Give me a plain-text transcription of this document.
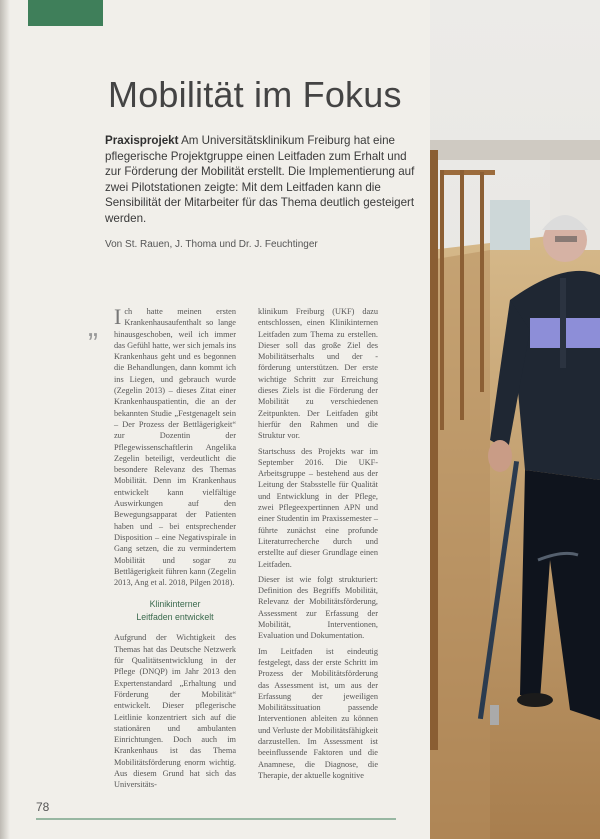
Mobilität im Fokus
Praxisprojekt Am Universitätsklinikum Freiburg hat eine pflegerische Projektgruppe einen Leitfaden zum Erhalt und zur Förderung der Mobilität erstellt. Die Implementierung auf zwei Pilotstationen zeigte: Mit dem Leitfaden kann die Sensibilität der Mitarbeiter für das Thema deutlich gesteigert werden.
Von St. Rauen, J. Thoma und Dr. J. Feuchtinger
„ Ich hatte meinen ersten Krankenhausaufenthalt so lange hinausgeschoben, weil ich immer das Gefühl hatte, wer sich jemals ins Krankenhaus geht und es begonnen die Behandlungen, dann kommt ich ins Liegen, und gebrauch wurde (Zegelin 2013) – dieses Zitat einer Krankenhauspatientin, die an der bekannten Studie „Festgenagelt sein – Der Prozess der Bettlägerigkeit“ zur Dozentin der Pflegewissenschaftlerin Angelika Zegelin beteiligt, verdeutlicht die besondere Relevanz des Themas Mobilität. Denn im Krankenhaus entwickelt kann vielfältige Auswirkungen auf den Bewegungsapparat der Patienten haben und – bei entsprechender Disposition – eine Negativspirale in Gang setzen, die zu vermindertem Mobilität und sogar zu Bettlägerigkeit führen kann (Zegelin 2013, Ang et al. 2018, Pilgen 2018).

Klinikinterner
Leitfaden entwickelt

Aufgrund der Wichtigkeit des Themas hat das Deutsche Netzwerk für Qualitätsentwicklung in der Pflege (DNQP) im Jahr 2013 den Expertenstandard „Erhaltung und Förderung der Mobilität“ entwickelt. Dieser pflegerische Leitlinie konzentriert sich auf die stationären und ambulanten Einrichtungen. Doch auch im Krankenhaus ist das Thema Mobilitätsförderung enorm wichtig. Aus diesem Grund hat sich das Universitäts-

klinikum Freiburg (UKF) dazu entschlossen, einen Klinikinternen Leitfaden zum Thema zu erstellen. Dieser soll das große Ziel des Mobilitätserhalts und der -förderung unterstützen. Der erste wichtige Schritt zur Erreichung dieses Ziels ist die Förderung der Mobilität zu verschiedenen Zeitpunkten. Der Leitfaden gibt hierfür den Rahmen und die Struktur vor.

Startschuss des Projekts war im September 2016. Die UKF-Arbeitsgruppe – bestehend aus der Leitung der Stabsstelle für Qualität und Entwicklung in der Pflege, zwei Pflegeexpertinnen APN und einer Studentin im Praxissemester – führte zunächst eine profunde Literaturrecherche durch und erstellte auf dieser Grundlage einen Leitfaden.

Dieser ist wie folgt strukturiert: Definition des Begriffs Mobilität, Relevanz der Mobilitätsförderung, Assessment zur Erfassung der Mobilität, Interventionen, Evaluation und Dokumentation.

Im Leitfaden ist eindeutig festgelegt, dass der erste Schritt im Prozess der Mobilitätsförderung das Assessment ist, um aus der Erfassung der jeweiligen Mobilitätssituation passende Interventionen ableiten zu können und Verluste der Mobilitätsfähigkeit darzustellen. Im Assessment ist beeinflussende Faktoren und die Anamnese, die Diagnose, die Therapie, der aktuelle kognitive

78
